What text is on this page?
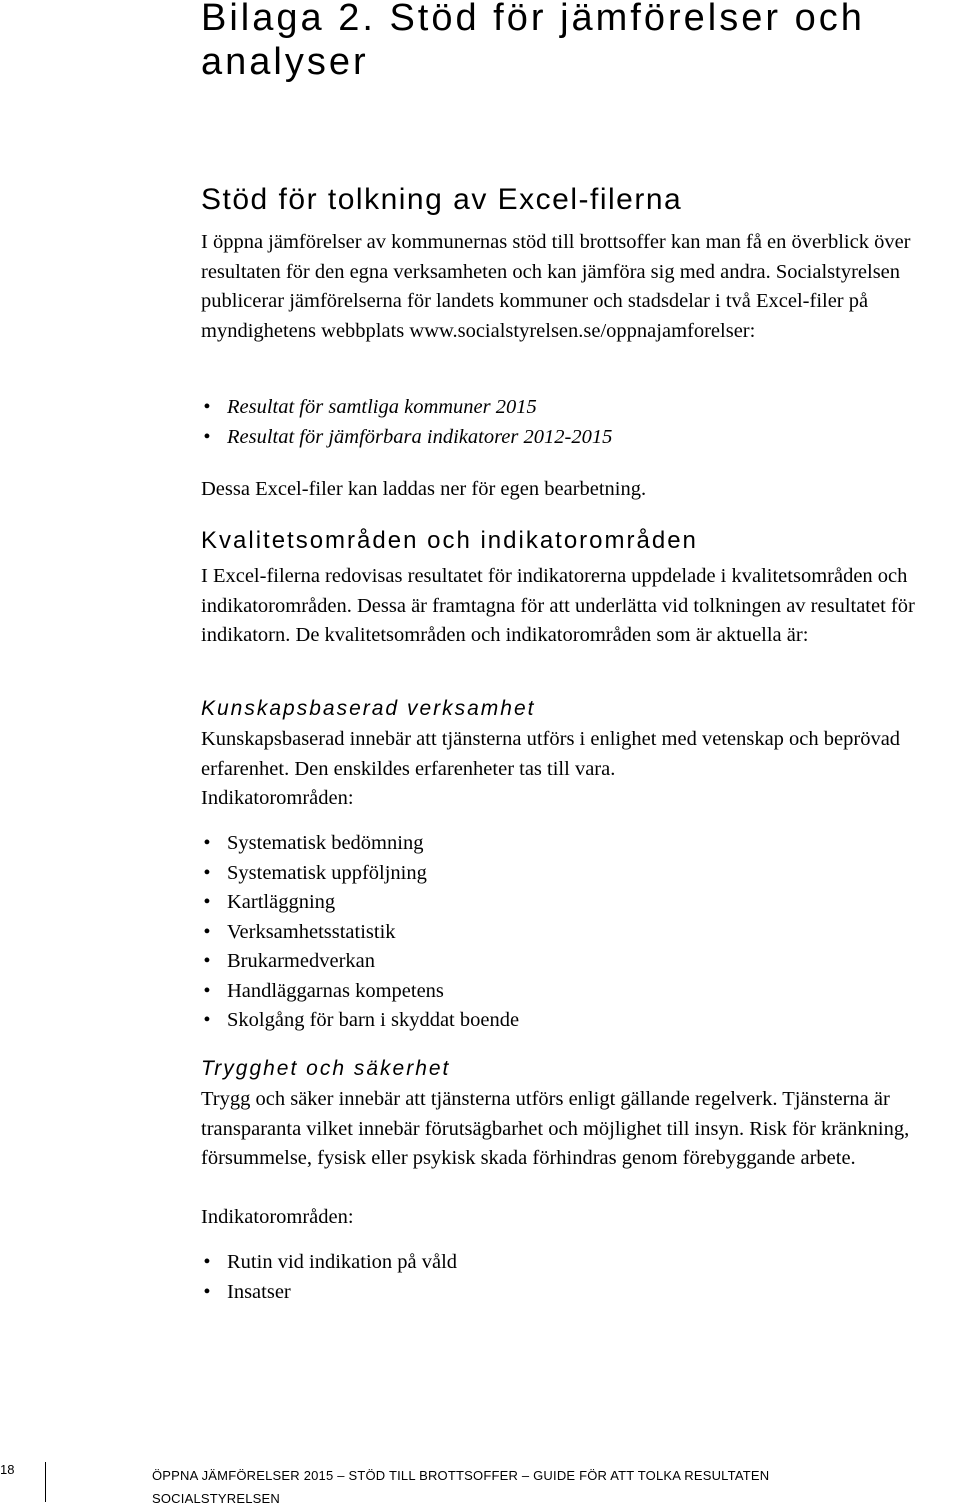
Bilaga 2. Stöd för jämförelser och analyser
Stöd för tolkning av Excel-filerna

I öppna jämförelser av kommunernas stöd till brottsoffer kan man få en överblick över resultaten för den egna verksamheten och kan jämföra sig med andra. Socialstyrelsen publicerar jämförelserna för landets kommuner och stadsdelar i två Excel-filer på myndighetens webbplats www.socialstyrelsen.se/oppnajamforelser:

• Resultat för samtliga kommuner 2015
• Resultat för jämförbara indikatorer 2012-2015

Dessa Excel-filer kan laddas ner för egen bearbetning.

Kvalitetsområden och indikatorområden

I Excel-filerna redovisas resultatet för indikatorerna uppdelade i kvalitetsområden och indikatorområden. Dessa är framtagna för att underlätta vid tolkningen av resultatet för indikatorn. De kvalitetsområden och indikatorområden som är aktuella är:

Kunskapsbaserad verksamhet

Kunskapsbaserad innebär att tjänsterna utförs i enlighet med vetenskap och beprövad erfarenhet. Den enskildes erfarenheter tas till vara.

Indikatorområden:

• Systematisk bedömning
• Systematisk uppföljning
• Kartläggning
• Verksamhetsstatistik
• Brukarmedverkan
• Handläggarnas kompetens
• Skolgång för barn i skyddat boende
Trygghet och säkerhet

Trygg och säker innebär att tjänsterna utförs enligt gällande regelverk. Tjänsterna är transparanta vilket innebär förutsägbarhet och möjlighet till insyn. Risk för kränkning, försummelse, fysisk eller psykisk skada förhindras genom förebyggande arbete.

Indikatorområden:

• Rutin vid indikation på våld
• Insatser
18	ÖPPNA JÄMFÖRELSER 2015 – STÖD TILL BROTTSOFFER – GUIDE FÖR ATT TOLKA RESULTATEN
SOCIALSTYRELSEN
